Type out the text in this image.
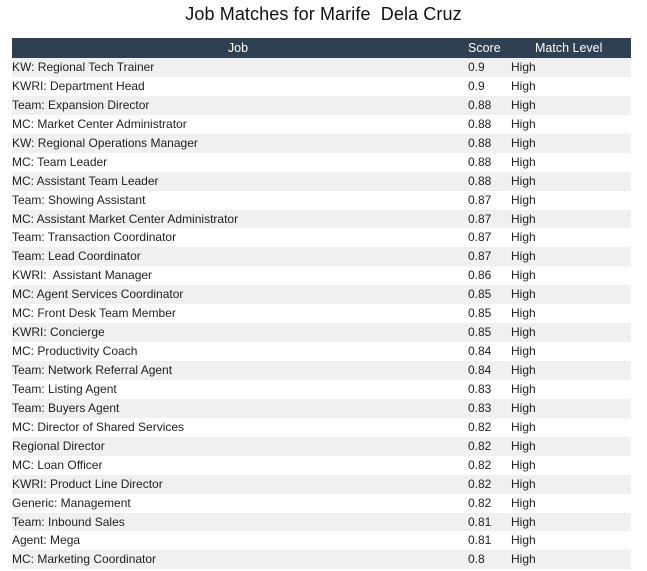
Job Matches for Marife  Dela Cruz
Job	Score	Match Level
KW: Regional Tech Trainer	0.9 High
KWRI: Department Head	0.9 High
Team: Expansion Director	0.88 High
MC: Market Center Administrator	0.88 High
KW: Regional Operations Manager	0.88 High
MC: Team Leader	0.88 High
MC: Assistant Team Leader	0.88 High
Team: Showing Assistant	0.87 High
MC: Assistant Market Center Administrator	0.87 High
Team: Transaction Coordinator	0.87 High
Team: Lead Coordinator	0.87 High
KWRI:  Assistant Manager	0.86 High
MC: Agent Services Coordinator	0.85 High
MC: Front Desk Team Member	0.85 High
KWRI: Concierge	0.85 High
MC: Productivity Coach	0.84 High
Team: Network Referral Agent	0.84 High
Team: Listing Agent	0.83 High
Team: Buyers Agent	0.83 High
MC: Director of Shared Services	0.82 High
Regional Director	0.82 High
MC: Loan Officer	0.82 High
KWRI: Product Line Director	0.82 High
Generic: Management	0.82 High
Team: Inbound Sales	0.81 High
Agent: Mega	0.81 High
MC: Marketing Coordinator	0.8 High
